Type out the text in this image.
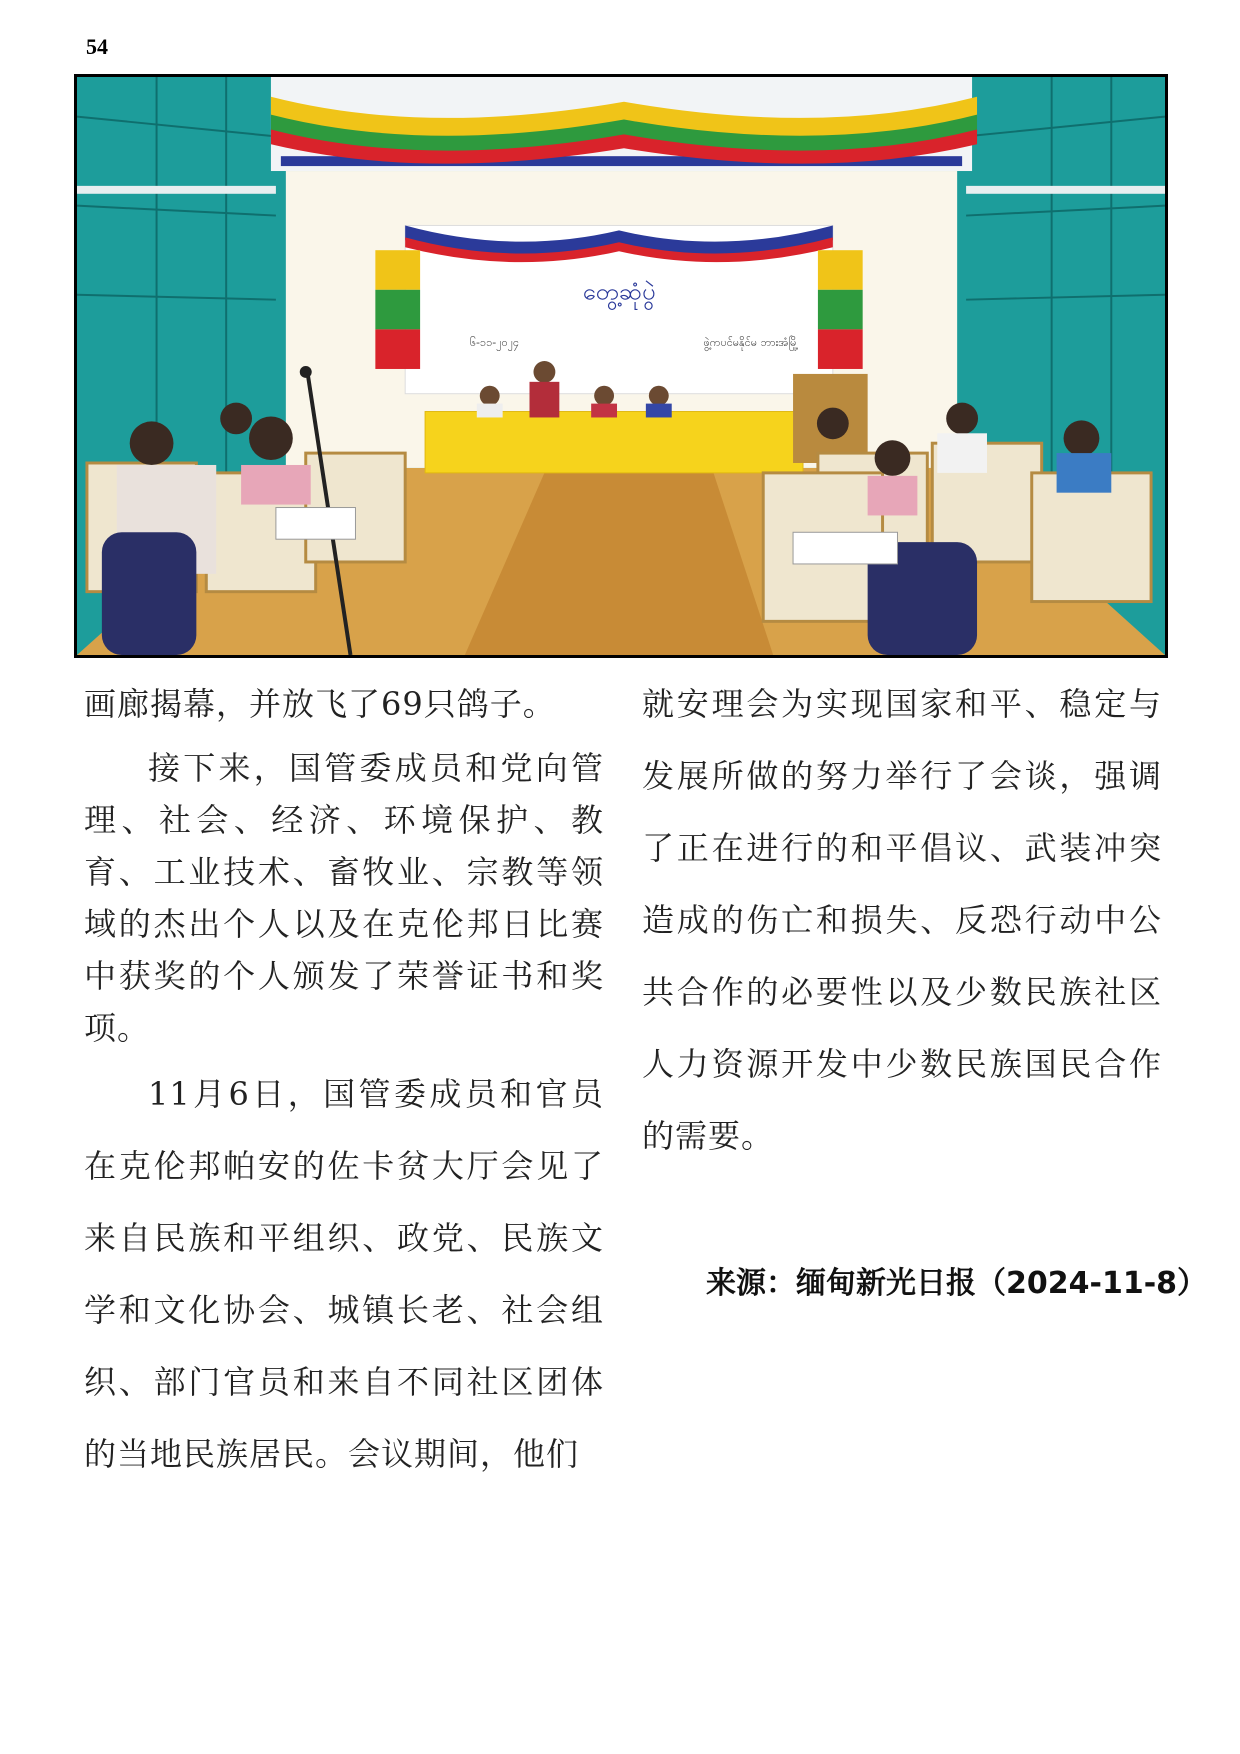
54
တွေ့ဆုံပွဲ
၆-၁၁-၂၀၂၄	ဖွဲ့ကပင်မနိုင်မ ဘားအံမြို့

画廊揭幕，并放飞了69只鸽子。

接下来，国管委成员和党向管理、社会、经济、环境保护、教育、工业技术、畜牧业、宗教等领域的杰出个人以及在克伦邦日比赛中获奖的个人颁发了荣誉证书和奖项。

11月6日，国管委成员和官员在克伦邦帕安的佐卡贫大厅会见了来自民族和平组织、政党、民族文学和文化协会、城镇长老、社会组织、部门官员和来自不同社区团体的当地民族居民。会议期间，他们

就安理会为实现国家和平、稳定与发展所做的努力举行了会谈，强调了正在进行的和平倡议、武装冲突造成的伤亡和损失、反恐行动中公共合作的必要性以及少数民族社区人力资源开发中少数民族国民合作的需要。

来源：缅甸新光日报（2024-11-8）
